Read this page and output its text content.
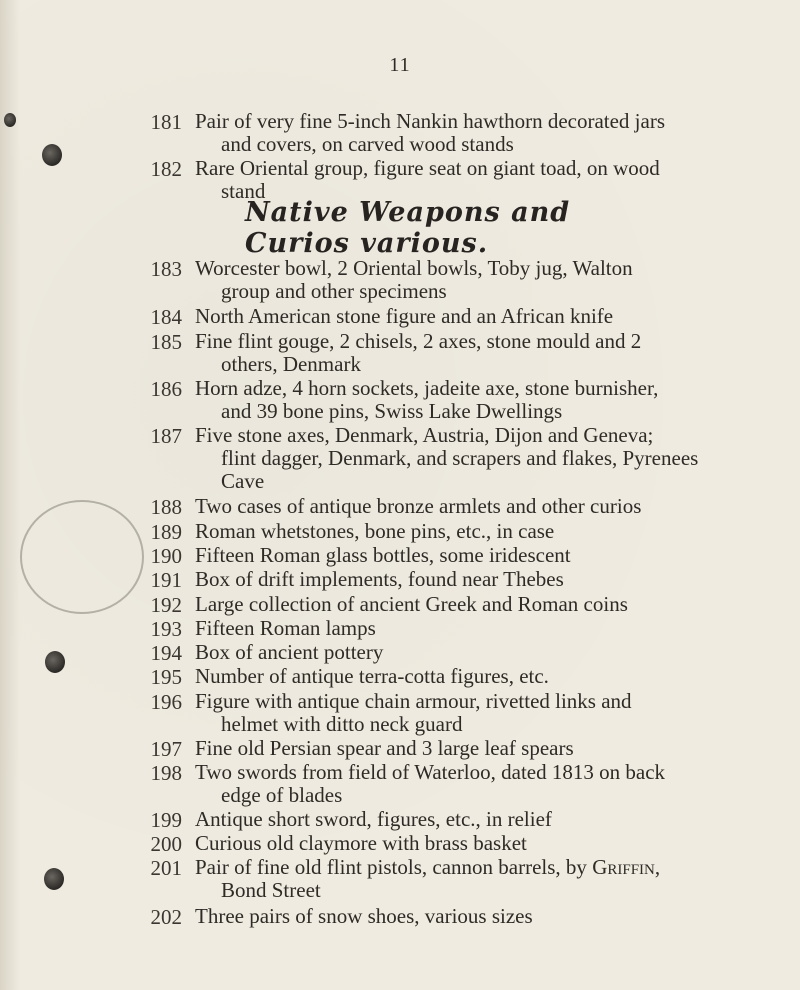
11
Native Weapons and Curios various.
181 Pair of very fine 5-inch Nankin hawthorn decorated jars
and covers, on carved wood stands
182 Rare Oriental group, figure seat on giant toad, on wood
stand
183 Worcester bowl, 2 Oriental bowls, Toby jug, Walton
group and other specimens
184 North American stone figure and an African knife
185 Fine flint gouge, 2 chisels, 2 axes, stone mould and 2
others, Denmark
186 Horn adze, 4 horn sockets, jadeite axe, stone burnisher,
and 39 bone pins, Swiss Lake Dwellings
187 Five stone axes, Denmark, Austria, Dijon and Geneva;
flint dagger, Denmark, and scrapers and flakes, Pyrenees
Cave
188 Two cases of antique bronze armlets and other curios
189 Roman whetstones, bone pins, etc., in case
190 Fifteen Roman glass bottles, some iridescent
191 Box of drift implements, found near Thebes
192 Large collection of ancient Greek and Roman coins
193 Fifteen Roman lamps
194 Box of ancient pottery
195 Number of antique terra-cotta figures, etc.
196 Figure with antique chain armour, rivetted links and
helmet with ditto neck guard
197 Fine old Persian spear and 3 large leaf spears
198 Two swords from field of Waterloo, dated 1813 on back
edge of blades
199 Antique short sword, figures, etc., in relief
200 Curious old claymore with brass basket
201 Pair of fine old flint pistols, cannon barrels, by Griffin,
Bond Street
202 Three pairs of snow shoes, various sizes
